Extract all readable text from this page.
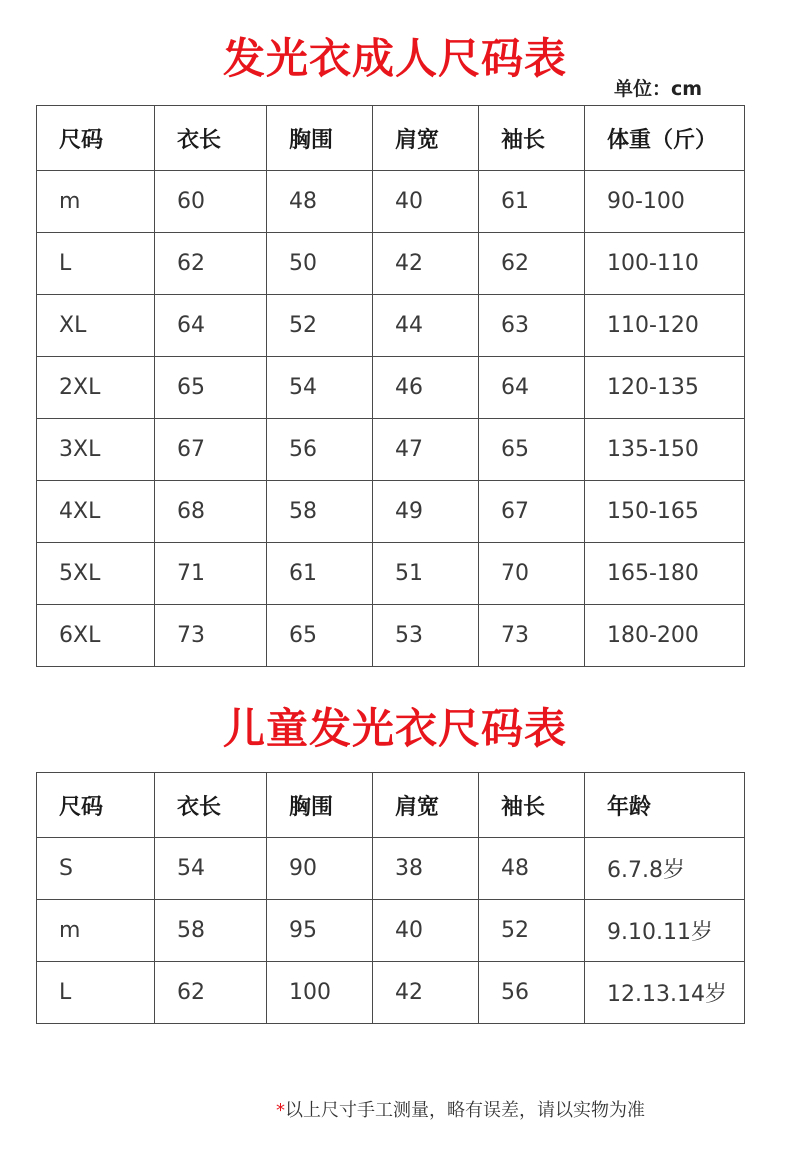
发光衣成人尺码表
单位：cm
尺码	衣长	胸围	肩宽	袖长	体重（斤）
m	60	48	40	61	90-100
L	62	50	42	62	100-110
XL	64	52	44	63	110-120
2XL	65	54	46	64	120-135
3XL	67	56	47	65	135-150
4XL	68	58	49	67	150-165
5XL	71	61	51	70	165-180
6XL	73	65	53	73	180-200
儿童发光衣尺码表
尺码	衣长	胸围	肩宽	袖长	年龄
S	54	90	38	48	6.7.8岁
m	58	95	40	52	9.10.11岁
L	62	100	42	56	12.13.14岁
*以上尺寸手工测量，略有误差，请以实物为准
